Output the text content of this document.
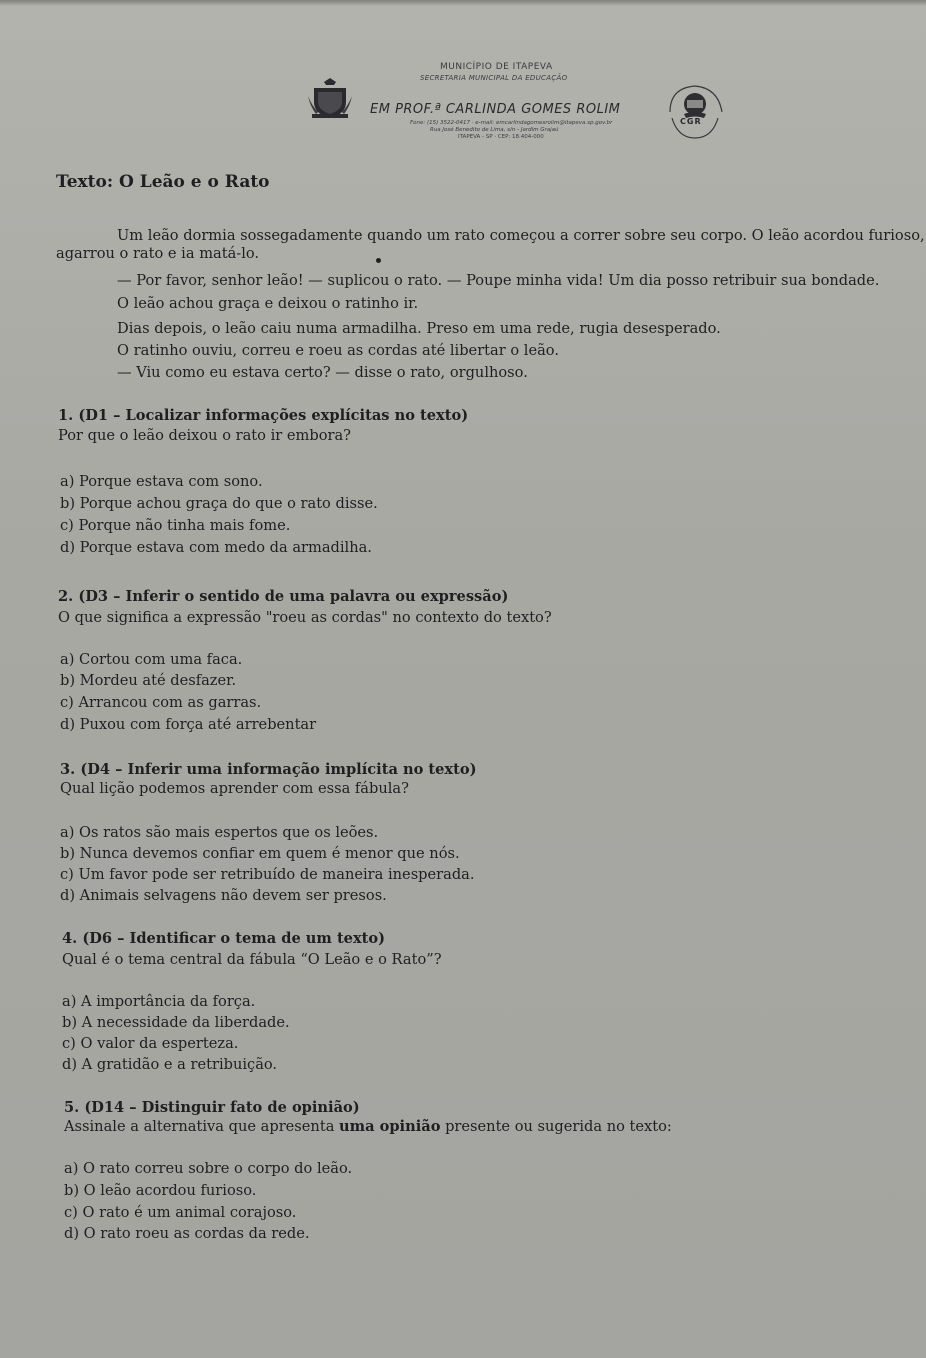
MUNICÍPIO DE ITAPEVA
SECRETARIA MUNICIPAL DA EDUCAÇÃO
EM PROF.ª CARLINDA GOMES ROLIM
Fone: (15) 3522-0417 · e-mail: emcarlindagomesrolim@itapeva.sp.gov.br
Rua José Benedito de Lima, s/n - Jardim Grajaú
ITAPEVA - SP · CEP: 18.404-000
CGR
Texto: O Leão e o Rato
Um leão dormia sossegadamente quando um rato começou a correr sobre seu corpo. O leão acordou furioso,
agarrou o rato e ia matá-lo.
— Por favor, senhor leão! — suplicou o rato. — Poupe minha vida! Um dia posso retribuir sua bondade.
O leão achou graça e deixou o ratinho ir.
Dias depois, o leão caiu numa armadilha. Preso em uma rede, rugia desesperado.
O ratinho ouviu, correu e roeu as cordas até libertar o leão.
— Viu como eu estava certo? — disse o rato, orgulhoso.
1. (D1 – Localizar informações explícitas no texto)
Por que o leão deixou o rato ir embora?
a) Porque estava com sono.
b) Porque achou graça do que o rato disse.
c) Porque não tinha mais fome.
d) Porque estava com medo da armadilha.
2. (D3 – Inferir o sentido de uma palavra ou expressão)
O que significa a expressão "roeu as cordas" no contexto do texto?
a) Cortou com uma faca.
b) Mordeu até desfazer.
c) Arrancou com as garras.
d) Puxou com força até arrebentar
3. (D4 – Inferir uma informação implícita no texto)
Qual lição podemos aprender com essa fábula?
a) Os ratos são mais espertos que os leões.
b) Nunca devemos confiar em quem é menor que nós.
c) Um favor pode ser retribuído de maneira inesperada.
d) Animais selvagens não devem ser presos.
4. (D6 – Identificar o tema de um texto)
Qual é o tema central da fábula “O Leão e o Rato”?
a) A importância da força.
b) A necessidade da liberdade.
c) O valor da esperteza.
d) A gratidão e a retribuição.
5. (D14 – Distinguir fato de opinião)
Assinale a alternativa que apresenta uma opinião presente ou sugerida no texto:
a) O rato correu sobre o corpo do leão.
b) O leão acordou furioso.
c) O rato é um animal corajoso.
d) O rato roeu as cordas da rede.
